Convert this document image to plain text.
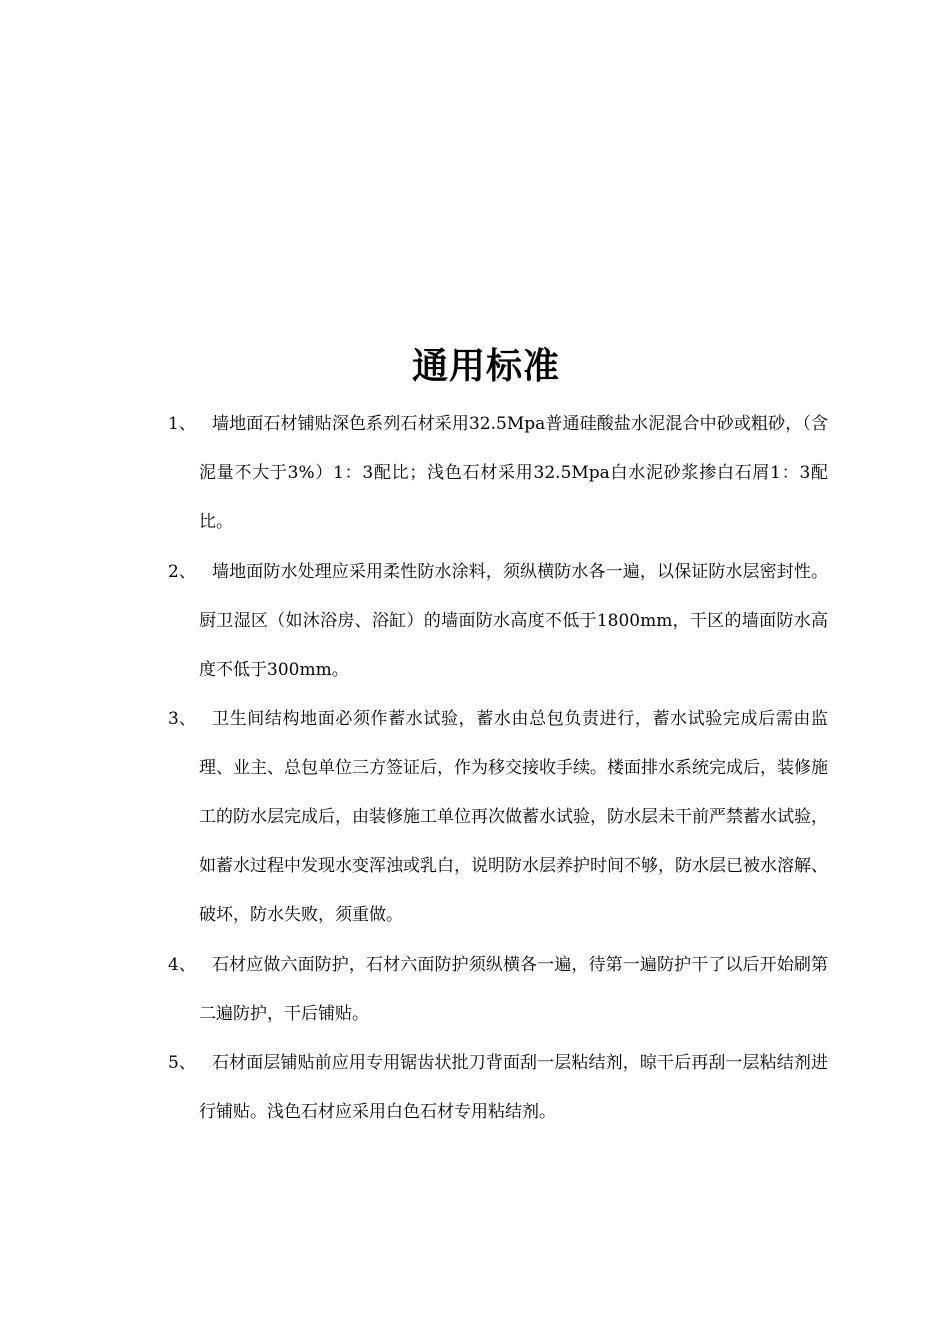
通用标准
1、 墙地面石材铺贴深色系列石材采用32.5Mpa普通硅酸盐水泥混合中砂或粗砂，（含泥量不大于3%）1：3配比；浅色石材采用32.5Mpa白水泥砂浆掺白石屑1：3配比。
2、 墙地面防水处理应采用柔性防水涂料，须纵横防水各一遍，以保证防水层密封性。厨卫湿区（如沐浴房、浴缸）的墙面防水高度不低于1800mm，干区的墙面防水高度不低于300mm。
3、 卫生间结构地面必须作蓄水试验，蓄水由总包负责进行，蓄水试验完成后需由监理、业主、总包单位三方签证后，作为移交接收手续。楼面排水系统完成后，装修施工的防水层完成后，由装修施工单位再次做蓄水试验，防水层未干前严禁蓄水试验，如蓄水过程中发现水变浑浊或乳白，说明防水层养护时间不够，防水层已被水溶解、破坏，防水失败，须重做。
4、 石材应做六面防护，石材六面防护须纵横各一遍，待第一遍防护干了以后开始刷第二遍防护，干后铺贴。
5、 石材面层铺贴前应用专用锯齿状批刀背面刮一层粘结剂，晾干后再刮一层粘结剂进行铺贴。浅色石材应采用白色石材专用粘结剂。
